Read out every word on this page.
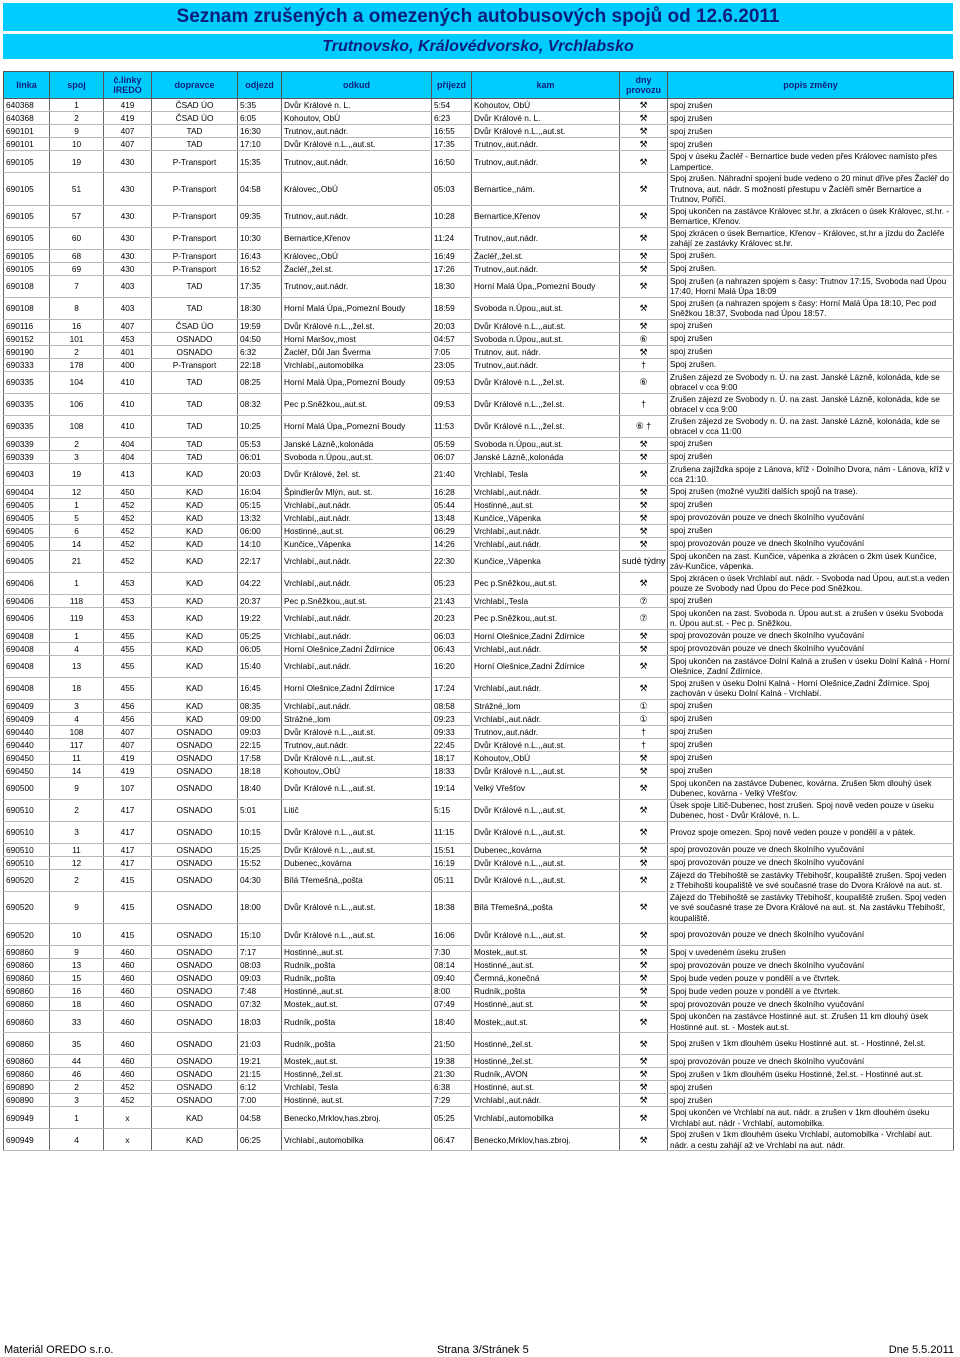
Seznam zrušených a omezených autobusových spojů od 12.6.2011
Trutnovsko, Královédvorsko, Vrchlabsko
linka	spoj	č.linky IREDO	dopravce	odjezd	odkud	příjezd	kam	dny provozu	popis změny
640368	1	419	ČSAD ÚO	5:35	Dvůr Králové n. L.	5:54	Kohoutov, ObÚ	⚒	spoj zrušen
640368	2	419	ČSAD ÚO	6:05	Kohoutov, ObÚ	6:23	Dvůr Králové n. L.	⚒	spoj zrušen
690101	9	407	TAD	16:30	Trutnov,,aut.nádr.	16:55	Dvůr Králové n.L.,,aut.st.	⚒	spoj zrušen
690101	10	407	TAD	17:10	Dvůr Králové n.L.,,aut.st.	17:35	Trutnov,,aut.nádr.	⚒	spoj zrušen
690105	19	430	P-Transport	15:35	Trutnov,,aut.nádr.	16:50	Trutnov,,aut.nádr.	⚒	Spoj v úseku Žacléř - Bernartice bude veden přes Královec namísto přes Lampertice.
690105	51	430	P-Transport	04:58	Královec,,ObÚ	05:03	Bernartice,,nám.	⚒	Spoj zrušen. Náhradní spojení bude vedeno o 20 minut dříve přes Žacléř do Trutnova, aut. nádr. S možností přestupu v Žacléři směr Bernartice a Trutnov, Poříčí.
690105	57	430	P-Transport	09:35	Trutnov,,aut.nádr.	10:28	Bernartice,Křenov	⚒	Spoj ukončen na zastávce Královec st.hr. a zkrácen o úsek Královec, st.hr. - Bernartice, Křenov.
690105	60	430	P-Transport	10:30	Bernartice,Křenov	11:24	Trutnov,,aut.nádr.	⚒	Spoj zkrácen o úsek Bernartice, Křenov - Královec, st.hr a jízdu do Žacléře zahájí ze zastávky Královec st.hr.
690105	68	430	P-Transport	16:43	Královec,,ObÚ	16:49	Žacléř,,žel.st.	⚒	Spoj zrušen.
690105	69	430	P-Transport	16:52	Žacléř,,žel.st.	17:26	Trutnov,,aut.nádr.	⚒	Spoj zrušen.
690108	7	403	TAD	17:35	Trutnov,,aut.nádr.	18:30	Horní Malá Úpa,,Pomezní Boudy	⚒	Spoj zrušen (a nahrazen spojem s časy: Trutnov 17:15, Svoboda nad Úpou 17:40, Horní Malá Úpa 18:09
690108	8	403	TAD	18:30	Horní Malá Úpa,,Pomezní Boudy	18:59	Svoboda n.Úpou,,aut.st.	⚒	Spoj zrušen (a nahrazen spojem s časy: Horní Malá Úpa 18:10, Pec pod Sněžkou 18:37, Svoboda nad Úpou 18:57.
690116	16	407	ČSAD ÚO	19:59	Dvůr Králové n.L.,,žel.st.	20:03	Dvůr Králové n.L.,,aut.st.	⚒	spoj zrušen
690152	101	453	OSNADO	04:50	Horní Maršov,,most	04:57	Svoboda n.Úpou,,aut.st.	⑥	spoj zrušen
690190	2	401	OSNADO	6:32	Žacléř, Důl Jan Šverma	7:05	Trutnov, aut. nádr.	⚒	spoj zrušen
690333	178	400	P-Transport	22:18	Vrchlabí,,automobilka	23:05	Trutnov,,aut.nádr.	†	Spoj zrušen.
690335	104	410	TAD	08:25	Horní Malá Úpa,,Pomezní Boudy	09:53	Dvůr Králové n.L.,,žel.st.	⑥	Zrušen zájezd ze Svobody n. Ú. na zast. Janské Lázně, kolonáda, kde se obracel v cca 9:00
690335	106	410	TAD	08:32	Pec p.Sněžkou,,aut.st.	09:53	Dvůr Králové n.L.,,žel.st.	†	Zrušen zájezd ze Svobody n. Ú. na zast. Janské Lázně, kolonáda, kde se obracel v cca 9:00
690335	108	410	TAD	10:25	Horní Malá Úpa,,Pomezní Boudy	11:53	Dvůr Králové n.L.,,žel.st.	⑥ †	Zrušen zájezd ze Svobody n. Ú. na zast. Janské Lázně, kolonáda, kde se obracel v cca 11:00
690339	2	404	TAD	05:53	Janské Lázně,,kolonáda	05:59	Svoboda n.Úpou,,aut.st.	⚒	spoj zrušen
690339	3	404	TAD	06:01	Svoboda n.Úpou,,aut.st.	06:07	Janské Lázně,,kolonáda	⚒	spoj zrušen
690403	19	413	KAD	20:03	Dvůr Králové, žel. st.	21:40	Vrchlabí, Tesla	⚒	Zrušena zajíždka spoje z Lánova, kříž - Dolního Dvora, nám - Lánova, kříž v cca 21:10.
690404	12	450	KAD	16:04	Špindlerův Mlýn, aut. st.	16:28	Vrchlabí,,aut.nádr.	⚒	Spoj zrušen (možné využití dalších spojů na trase).
690405	1	452	KAD	05:15	Vrchlabí,,aut.nádr.	05:44	Hostinné,,aut.st.	⚒	spoj zrušen
690405	5	452	KAD	13:32	Vrchlabí,,aut.nádr.	13:48	Kunčice,,Vápenka	⚒	spoj provozován pouze ve dnech školního vyučování
690405	6	452	KAD	06:00	Hostinné,,aut.st.	06:29	Vrchlabí,,aut.nádr.	⚒	spoj zrušen
690405	14	452	KAD	14:10	Kunčice,,Vápenka	14:26	Vrchlabí,,aut.nádr.	⚒	spoj provozován pouze ve dnech školního vyučování
690405	21	452	KAD	22:17	Vrchlabí,,aut.nádr.	22:30	Kunčice,,Vápenka	sudé týdny	Spoj ukončen na zast. Kunčice, vápenka a zkrácen o 2km úsek Kunčice, záv-Kunčice, vápenka.
690406	1	453	KAD	04:22	Vrchlabí,,aut.nádr.	05:23	Pec p.Sněžkou,,aut.st.	⚒	Spoj zkrácen o úsek Vrchlabí aut. nádr. - Svoboda nad Úpou, aut.st.a veden pouze ze Svobody nad Úpou do Pece pod Sněžkou.
690406	118	453	KAD	20:37	Pec p.Sněžkou,,aut.st.	21:43	Vrchlabí,,Tesla	⑦	spoj zrušen
690406	119	453	KAD	19:22	Vrchlabí,,aut.nádr.	20:23	Pec p.Sněžkou,,aut.st.	⑦	Spoj ukončen na zast. Svoboda n. Úpou aut.st. a zrušen v úseku Svoboda n. Úpou aut.st. - Pec p. Sněžkou.
690408	1	455	KAD	05:25	Vrchlabí,,aut.nádr.	06:03	Horní Olešnice,Zadní Ždírnice	⚒	spoj provozován pouze ve dnech školního vyučování
690408	4	455	KAD	06:05	Horní Olešnice,Zadní Ždírnice	06:43	Vrchlabí,,aut.nádr.	⚒	spoj provozován pouze ve dnech školního vyučování
690408	13	455	KAD	15:40	Vrchlabí,,aut.nádr.	16:20	Horní Olešnice,Zadní Ždírnice	⚒	Spoj ukončen na zastávce Dolní Kalná a zrušen v úseku Dolní Kalná - Horní Olešnice, Zadní Ždírnice.
690408	18	455	KAD	16:45	Horní Olešnice,Zadní Ždírnice	17:24	Vrchlabí,,aut.nádr.	⚒	Spoj zrušen v úseku Dolní Kalná - Horní Olešnice,Zadní Ždírnice. Spoj zachován v úseku Dolní Kalná - Vrchlabí.
690409	3	456	KAD	08:35	Vrchlabí,,aut.nádr.	08:58	Strážné,,lom	①	spoj zrušen
690409	4	456	KAD	09:00	Strážné,,lom	09:23	Vrchlabí,,aut.nádr.	①	spoj zrušen
690440	108	407	OSNADO	09:03	Dvůr Králové n.L.,,aut.st.	09:33	Trutnov,,aut.nádr.	†	spoj zrušen
690440	117	407	OSNADO	22:15	Trutnov,,aut.nádr.	22:45	Dvůr Králové n.L.,,aut.st.	†	spoj zrušen
690450	11	419	OSNADO	17:58	Dvůr Králové n.L.,,aut.st.	18:17	Kohoutov,,ObÚ	⚒	spoj zrušen
690450	14	419	OSNADO	18:18	Kohoutov,,ObÚ	18:33	Dvůr Králové n.L.,,aut.st.	⚒	spoj zrušen
690500	9	107	OSNADO	18:40	Dvůr Králové n.L.,,aut.st.	19:14	Velký Vřešťov	⚒	Spoj ukončen na zastávce Dubenec, kovárna. Zrušen 5km dlouhý úsek Dubenec, kovárna - Velký Vřešťov.
690510	2	417	OSNADO	5:01	Litič	5:15	Dvůr Králové n.L.,,aut.st.	⚒	Úsek spoje Litič-Dubenec, host zrušen. Spoj nově veden pouze v úseku Dubenec, host - Dvůr Králové, n. L.
690510	3	417	OSNADO	10:15	Dvůr Králové n.L.,,aut.st.	11:15	Dvůr Králové n.L.,,aut.st.	⚒	Provoz spoje omezen. Spoj nově veden pouze v pondělí a v pátek.
690510	11	417	OSNADO	15:25	Dvůr Králové n.L.,,aut.st.	15:51	Dubenec,,kovárna	⚒	spoj provozován pouze ve dnech školního vyučování
690510	12	417	OSNADO	15:52	Dubenec,,kovárna	16:19	Dvůr Králové n.L.,,aut.st.	⚒	spoj provozován pouze ve dnech školního vyučování
690520	2	415	OSNADO	04:30	Bílá Třemešná,,pošta	05:11	Dvůr Králové n.L.,,aut.st.	⚒	Zájezd do Třebihoště se zastávky Třebihošť, koupaliště zrušen. Spoj veden z Třebihošti koupaliště ve své současné trase do Dvora Králové na aut. st.
690520	9	415	OSNADO	18:00	Dvůr Králové n.L.,,aut.st.	18:38	Bílá Třemešná,,pošta	⚒	Zájezd do Třebihoště se zastávky Třebihošť, koupaliště zrušen. Spoj veden ve své současné trase ze Dvora Králové na aut. st. Na zastávku Třebihošť, koupaliště.
690520	10	415	OSNADO	15:10	Dvůr Králové n.L.,,aut.st.	16:06	Dvůr Králové n.L.,,aut.st.	⚒	spoj provozován pouze ve dnech školního vyučování
690860	9	460	OSNADO	7:17	Hostinné,,aut.st.	7:30	Mostek,,aut.st.	⚒	Spoj v uvedeném úseku zrušen
690860	13	460	OSNADO	08:03	Rudník,,pošta	08:14	Hostinné,,aut.st.	⚒	spoj provozován pouze ve dnech školního vyučování
690860	15	460	OSNADO	09:03	Rudník,,pošta	09:40	Čermná,,konečná	⚒	Spoj bude veden pouze v pondělí a ve čtvrtek.
690860	16	460	OSNADO	7:48	Hostinné,,aut.st.	8:00	Rudník,,pošta	⚒	Spoj bude veden pouze v pondělí a ve čtvrtek.
690860	18	460	OSNADO	07:32	Mostek,,aut.st.	07:49	Hostinné,,aut.st.	⚒	spoj provozován pouze ve dnech školního vyučování
690860	33	460	OSNADO	18:03	Rudník,,pošta	18:40	Mostek,,aut.st.	⚒	Spoj ukončen na zastávce Hostinné aut. st. Zrušen 11 km dlouhý úsek Hostinné aut. st. - Mostek aut.st.
690860	35	460	OSNADO	21:03	Rudník,,pošta	21:50	Hostinné,,žel.st.	⚒	Spoj zrušen v 1km dlouhém úseku Hostinné aut. st. - Hostinné, žel.st.
690860	44	460	OSNADO	19:21	Mostek,,aut.st.	19:38	Hostinné,,žel.st.	⚒	spoj provozován pouze ve dnech školního vyučování
690860	46	460	OSNADO	21:15	Hostinné,,žel.st.	21:30	Rudník,,AVON	⚒	Spoj zrušen v 1km dlouhém úseku Hostinné, žel.st. - Hostinné aut.st.
690890	2	452	OSNADO	6:12	Vrchlabí, Tesla	6:38	Hostinné, aut.st.	⚒	spoj zrušen
690890	3	452	OSNADO	7:00	Hostinné, aut.st.	7:29	Vrchlabí,,aut.nádr.	⚒	spoj zrušen
690949	1	x	KAD	04:58	Benecko,Mrklov,has.zbroj.	05:25	Vrchlabí,,automobilka	⚒	Spoj ukončen ve Vrchlabí na aut. nádr. a zrušen v 1km dlouhém úseku Vrchlabí aut. nádr - Vrchlabí, automobilka.
690949	4	x	KAD	06:25	Vrchlabí,,automobilka	06:47	Benecko,Mrklov,has.zbroj.	⚒	Spoj zrušen v 1km dlouhém úseku Vrchlabí, automobilka - Vrchlabí aut. nádr. a cestu zahájí až ve Vrchlabí na aut. nádr.
Materiál OREDO s.r.o.	Strana 3/Stránek 5	Dne 5.5.2011
